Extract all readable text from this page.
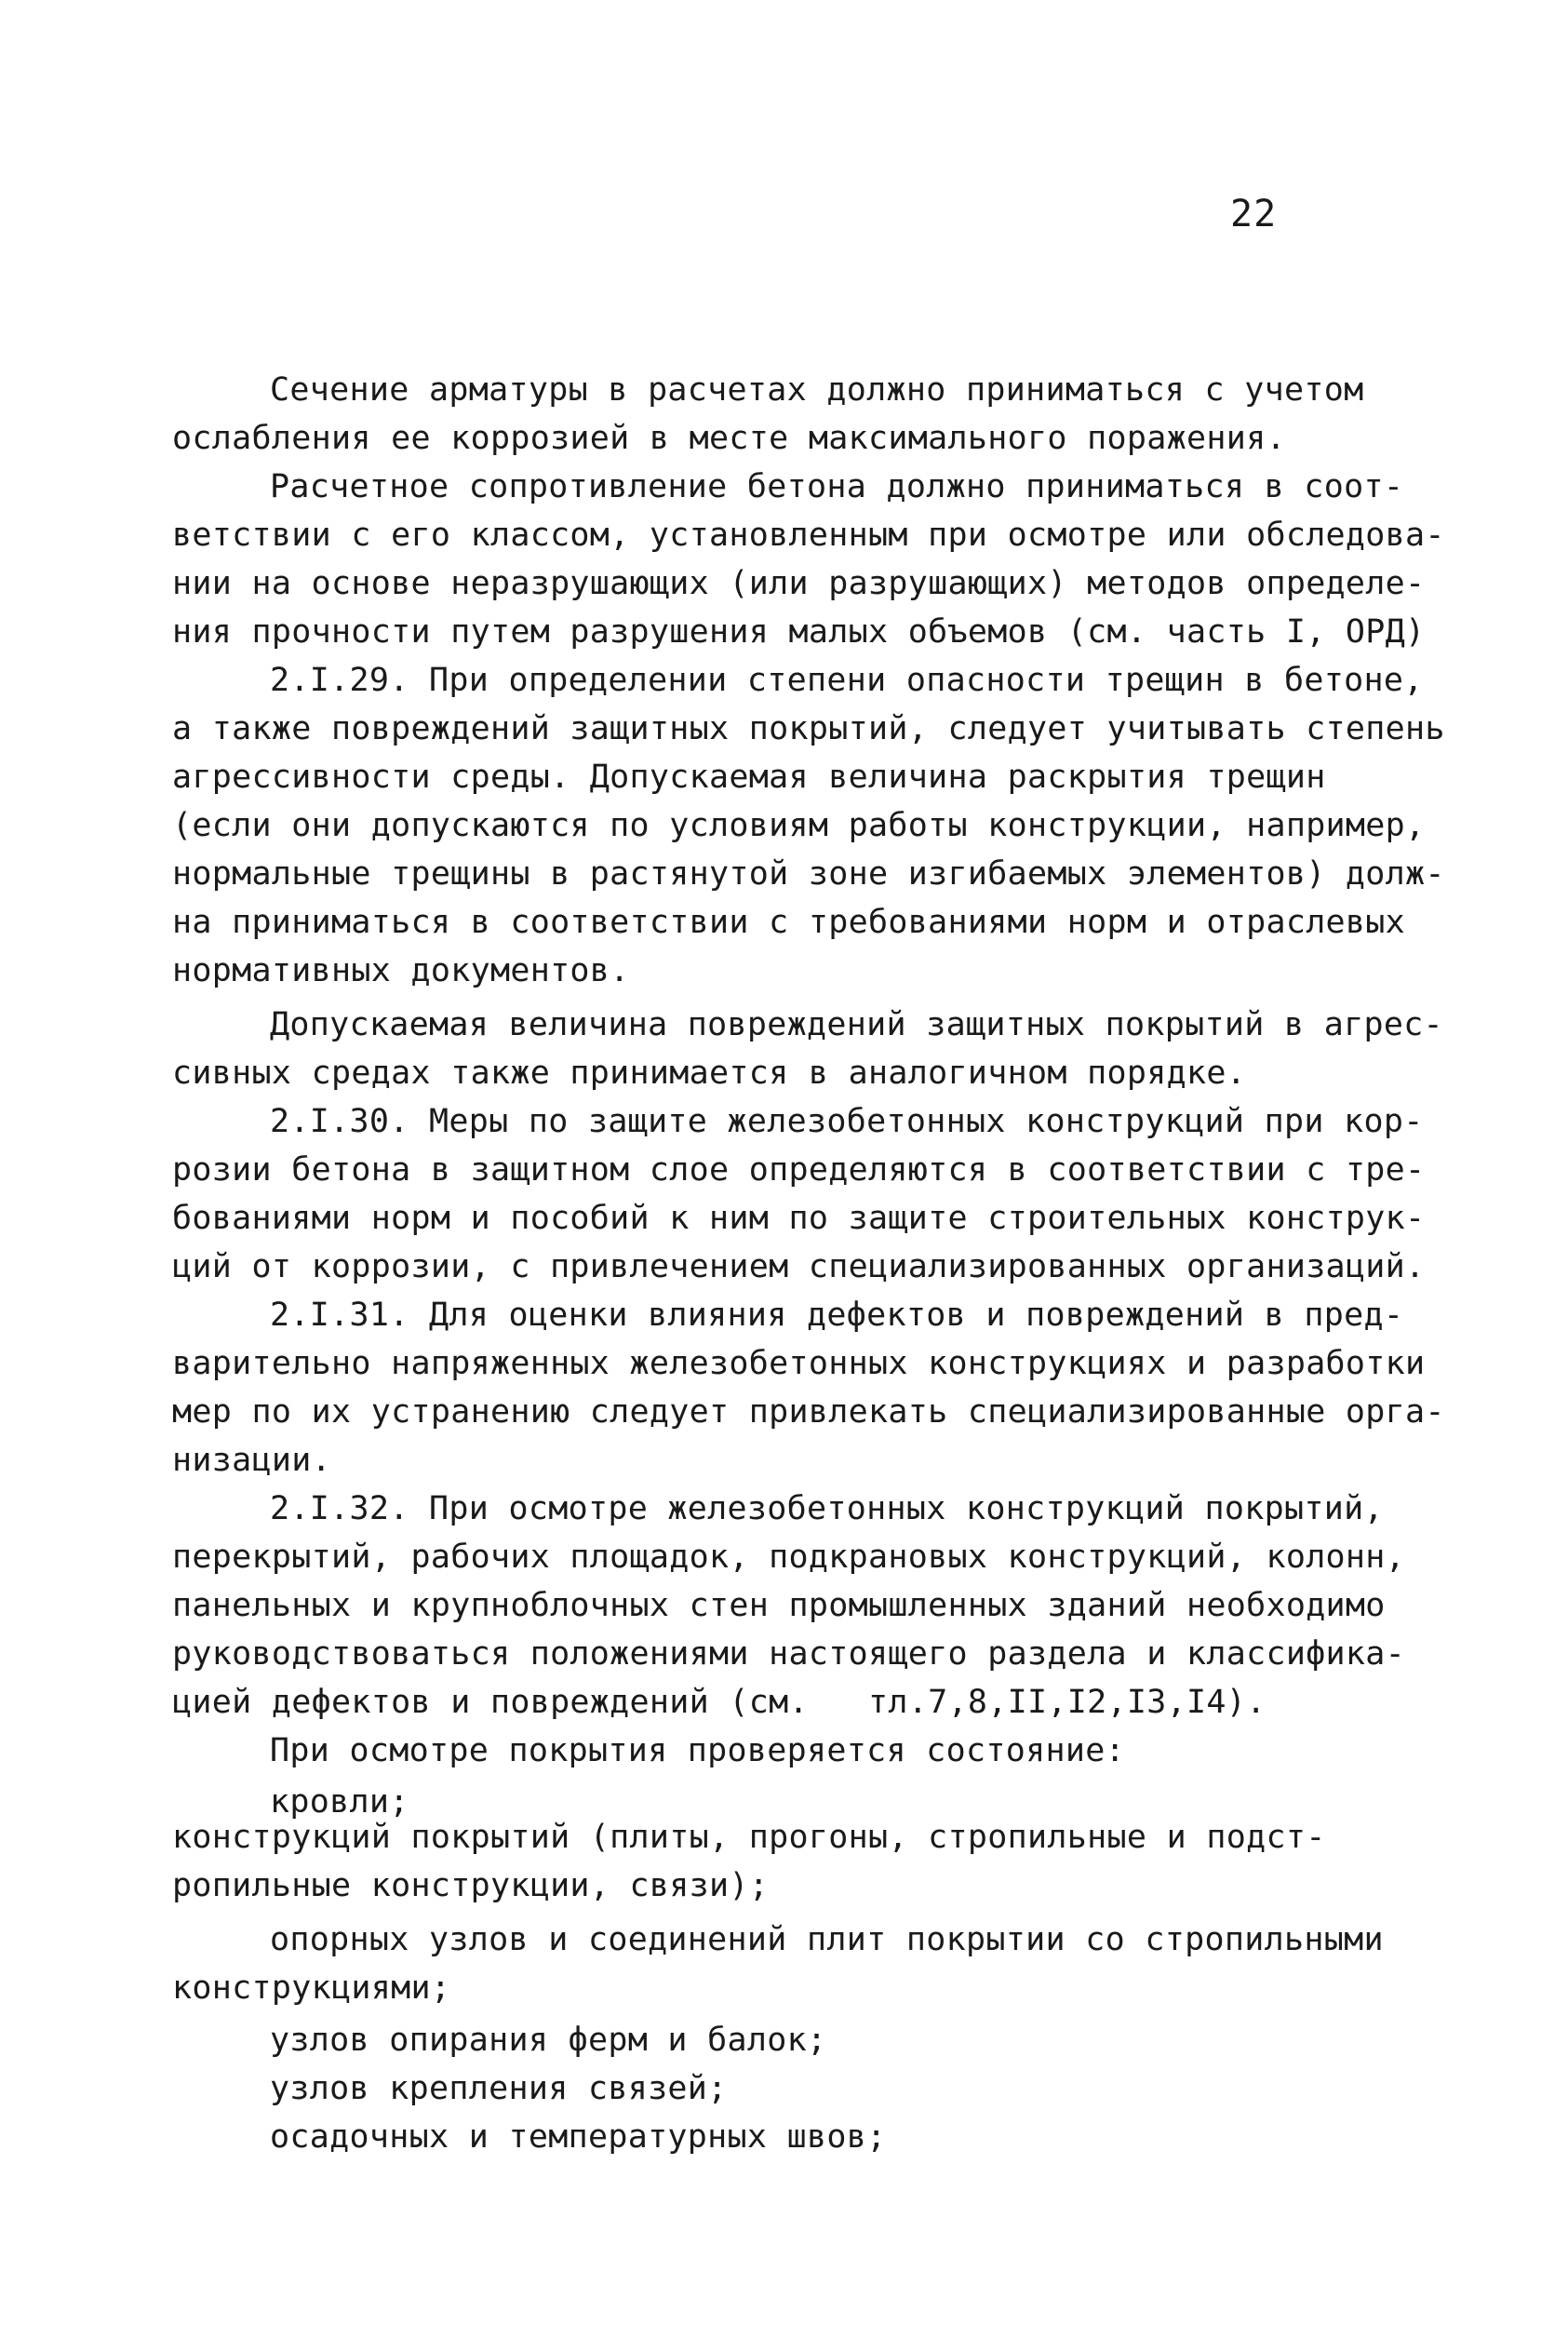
22
Сечение арматуры в расчетах должно приниматься с учетом
ослабления ее коррозией в месте максимального поражения.
Расчетное сопротивление бетона должно приниматься в соот-
ветствии с его классом, установленным при осмотре или обследова-
нии на основе неразрушающих (или разрушающих) методов определе-
ния прочности путем разрушения малых объемов (см. часть I, ОРД)
2.I.29. При определении степени опасности трещин в бетоне,
а также повреждений защитных покрытий, следует учитывать степень
агрессивности среды. Допускаемая величина раскрытия трещин
(если они допускаются по условиям работы конструкции, например,
нормальные трещины в растянутой зоне изгибаемых элементов) долж-
на приниматься в соответствии с требованиями норм и отраслевых
нормативных документов.
Допускаемая величина повреждений защитных покрытий в агрес-
сивных средах также принимается в аналогичном порядке.
2.I.30. Меры по защите железобетонных конструкций при кор-
розии бетона в защитном слое определяются в соответствии с тре-
бованиями норм и пособий к ним по защите строительных конструк-
ций от коррозии, с привлечением специализированных организаций.
2.I.31. Для оценки влияния дефектов и повреждений в пред-
варительно напряженных железобетонных конструкциях и разработки
мер по их устранению следует привлекать специализированные орга-
низации.
2.I.32. При осмотре железобетонных конструкций покрытий,
перекрытий, рабочих площадок, подкрановых конструкций, колонн,
панельных и крупноблочных стен промышленных зданий необходимо
руководствоваться положениями настоящего раздела и классифика-
цией дефектов и повреждений (см.   тл.7,8,II,I2,I3,I4).
При осмотре покрытия проверяется состояние:
кровли;
конструкций покрытий (плиты, прогоны, стропильные и подст-
ропильные конструкции, связи);
опорных узлов и соединений плит покрытии со стропильными
конструкциями;
узлов опирания ферм и балок;
узлов крепления связей;
осадочных и температурных швов;
